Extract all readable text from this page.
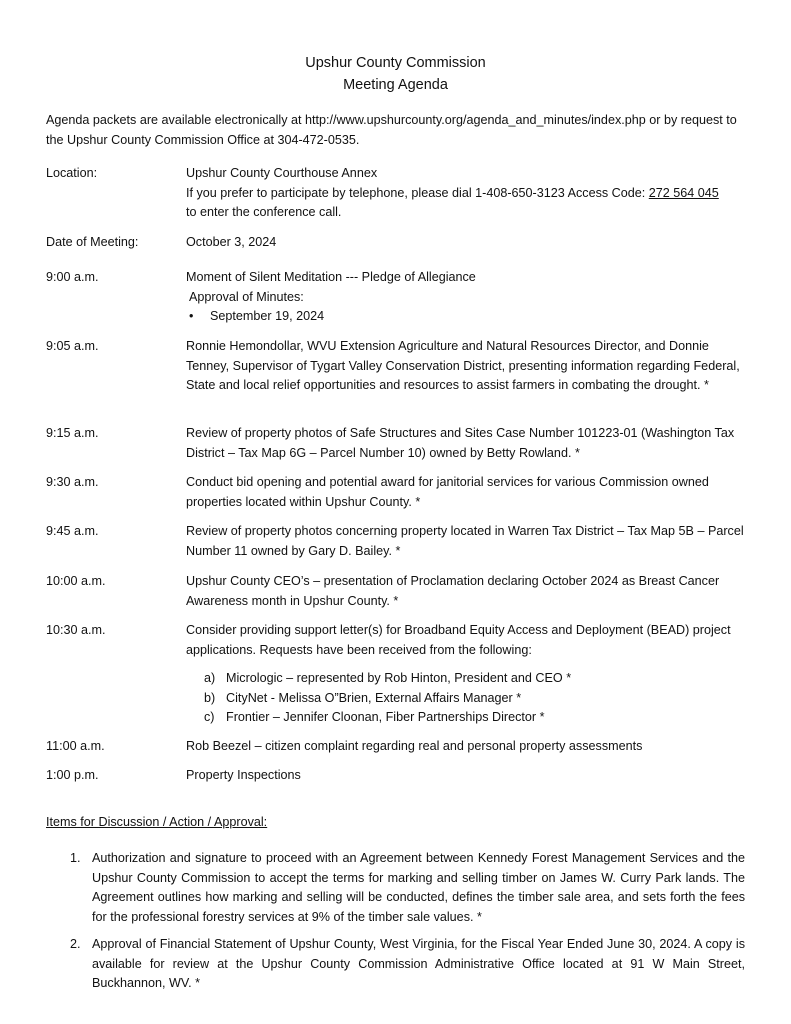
Upshur County Commission
Meeting Agenda
Agenda packets are available electronically at http://www.upshurcounty.org/agenda_and_minutes/index.php or by request to the Upshur County Commission Office at 304-472-0535.
Location:	Upshur County Courthouse Annex
If you prefer to participate by telephone, please dial 1-408-650-3123 Access Code: 272 564 045
to enter the conference call.
Date of Meeting:	October 3, 2024
9:00 a.m.	Moment of Silent Meditation --- Pledge of Allegiance
Approval of Minutes:
• September 19, 2024
9:05 a.m.	Ronnie Hemondollar, WVU Extension Agriculture and Natural Resources Director, and Donnie Tenney, Supervisor of Tygart Valley Conservation District, presenting information regarding Federal, State and local relief opportunities and resources to assist farmers in combating the drought. *
9:15 a.m.	Review of property photos of Safe Structures and Sites Case Number 101223-01 (Washington Tax District – Tax Map 6G – Parcel Number 10) owned by Betty Rowland. *
9:30 a.m.	Conduct bid opening and potential award for janitorial services for various Commission owned properties located within Upshur County. *
9:45 a.m.	Review of property photos concerning property located in Warren Tax District – Tax Map 5B – Parcel Number 11 owned by Gary D. Bailey. *
10:00 a.m.	Upshur County CEO’s – presentation of Proclamation declaring October 2024 as Breast Cancer Awareness month in Upshur County. *
10:30 a.m.	Consider providing support letter(s) for Broadband Equity Access and Deployment (BEAD) project applications. Requests have been received from the following:
a) Micrologic – represented by Rob Hinton, President and CEO *
b) CityNet - Melissa O”Brien, External Affairs Manager *
c) Frontier – Jennifer Cloonan, Fiber Partnerships Director *
11:00 a.m.	Rob Beezel – citizen complaint regarding real and personal property assessments
1:00 p.m.	Property Inspections
Items for Discussion / Action / Approval:
1. Authorization and signature to proceed with an Agreement between Kennedy Forest Management Services and the Upshur County Commission to accept the terms for marking and selling timber on James W. Curry Park lands. The Agreement outlines how marking and selling will be conducted, defines the timber sale area, and sets forth the fees for the professional forestry services at 9% of the timber sale values. *
2. Approval of Financial Statement of Upshur County, West Virginia, for the Fiscal Year Ended June 30, 2024. A copy is available for review at the Upshur County Commission Administrative Office located at 91 W Main Street, Buckhannon, WV. *
